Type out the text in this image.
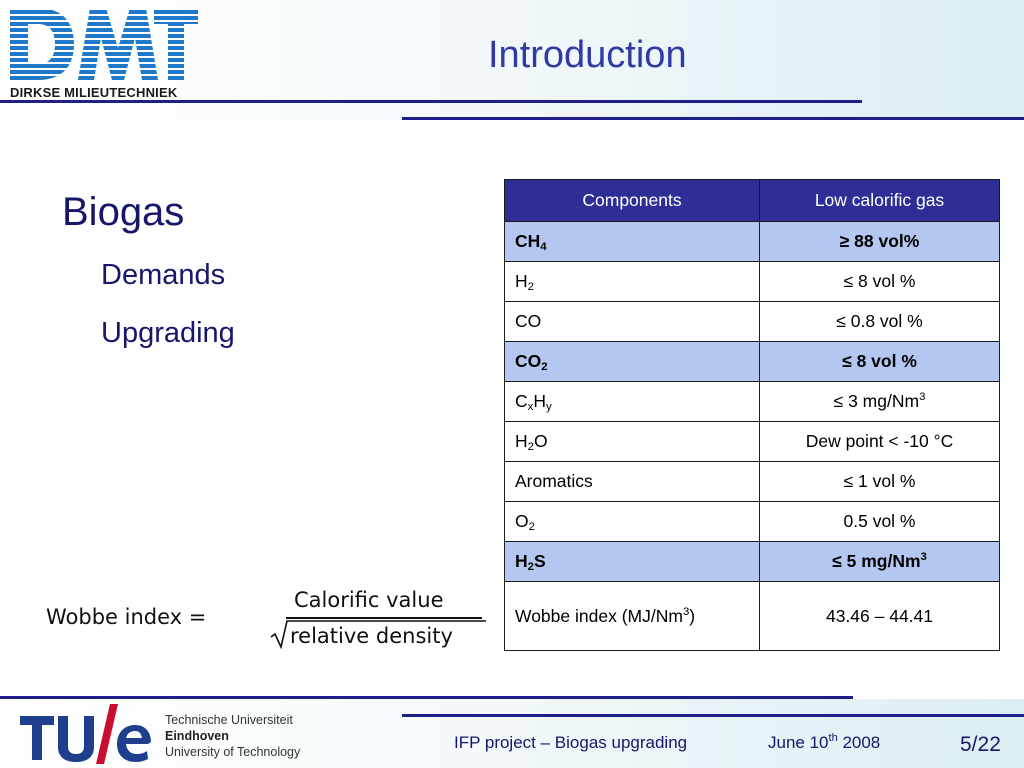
DIRKSE MILIEUTECHNIEK
Introduction
Biogas
Demands
Upgrading
Wobbe index =
Calorific value
relative density
Components	Low calorific gas
$CH_4$	≥ 88 vol%
$H_2$	≤ 8 vol %
CO	≤ 0.8 vol %
$CO_2$	≤ 8 vol %
$C_xH_y$	≤ 3 mg/Nm$^3$
$H_2O$	Dew point < -10 °C
Aromatics	≤ 1 vol %
$O_2$	0.5 vol %
$H_2S$	≤ 5 mg/Nm$^3$
Wobbe index (MJ/Nm$^3$)	43.46 – 44.41
Technische Universiteit
Eindhoven
University of Technology	IFP project – Biogas upgrading	June 10th 2008	5/22
